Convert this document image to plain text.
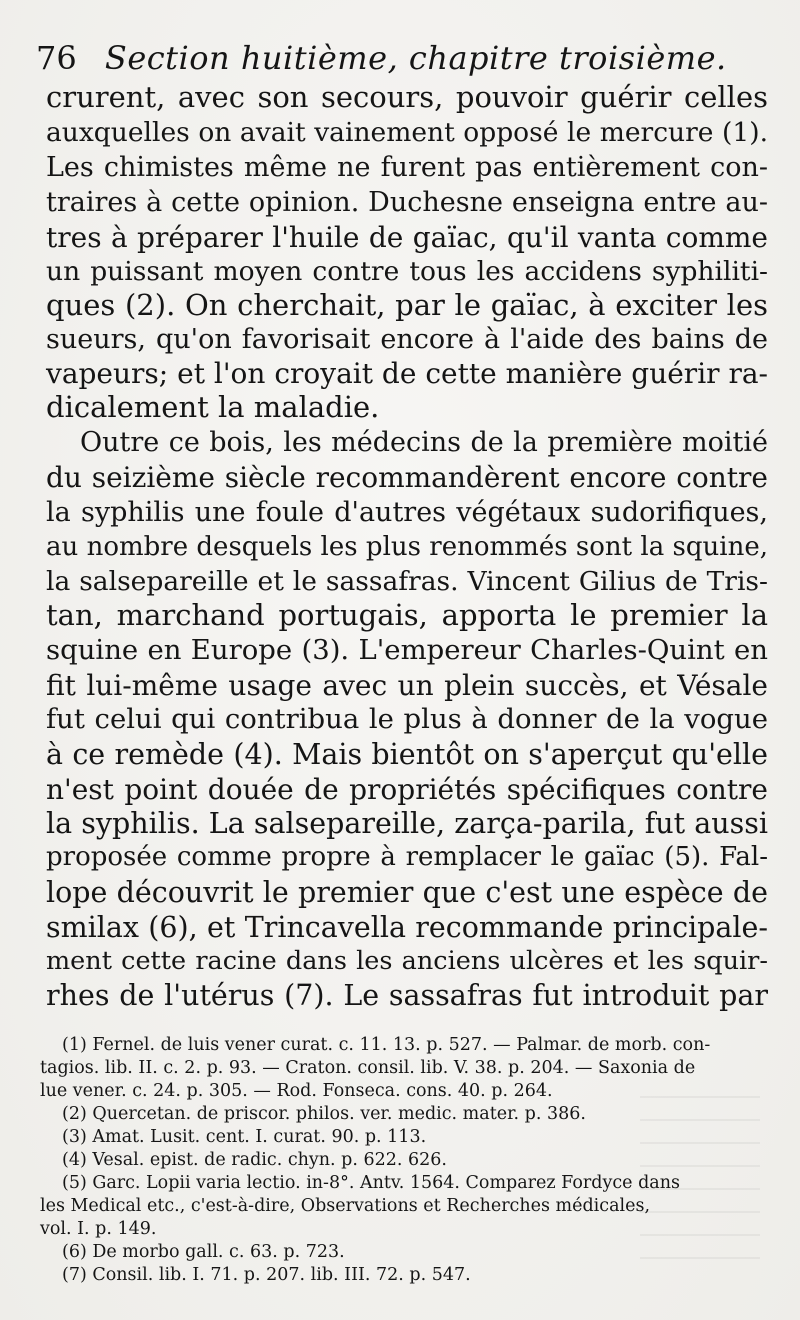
76 Section huitième, chapitre troisième.
crurent, avec son secours, pouvoir guérir celles
auxquelles on avait vainement opposé le mercure (1).
Les chimistes même ne furent pas entièrement con-
traires à cette opinion. Duchesne enseigna entre au-
tres à préparer l'huile de gaïac, qu'il vanta comme
un puissant moyen contre tous les accidens syphiliti-
ques (2). On cherchait, par le gaïac, à exciter les
sueurs, qu'on favorisait encore à l'aide des bains de
vapeurs; et l'on croyait de cette manière guérir ra-
dicalement la maladie.
Outre ce bois, les médecins de la première moitié
du seizième siècle recommandèrent encore contre
la syphilis une foule d'autres végétaux sudorifiques,
au nombre desquels les plus renommés sont la squine,
la salsepareille et le sassafras. Vincent Gilius de Tris-
tan, marchand portugais, apporta le premier la
squine en Europe (3). L'empereur Charles-Quint en
fit lui-même usage avec un plein succès, et Vésale
fut celui qui contribua le plus à donner de la vogue
à ce remède (4). Mais bientôt on s'aperçut qu'elle
n'est point douée de propriétés spécifiques contre
la syphilis. La salsepareille, zarça-parila, fut aussi
proposée comme propre à remplacer le gaïac (5). Fal-
lope découvrit le premier que c'est une espèce de
smilax (6), et Trincavella recommande principale-
ment cette racine dans les anciens ulcères et les squir-
rhes de l'utérus (7). Le sassafras fut introduit par
(1) Fernel. de luis vener curat. c. 11. 13. p. 527. — Palmar. de morb. con-
tagios. lib. II. c. 2. p. 93. — Craton. consil. lib. V. 38. p. 204. — Saxonia de
lue vener. c. 24. p. 305. — Rod. Fonseca. cons. 40. p. 264.
(2) Quercetan. de priscor. philos. ver. medic. mater. p. 386.
(3) Amat. Lusit. cent. I. curat. 90. p. 113.
(4) Vesal. epist. de radic. chyn. p. 622. 626.
(5) Garc. Lopii varia lectio. in-8°. Antv. 1564. Comparez Fordyce dans
les Medical etc., c'est-à-dire, Observations et Recherches médicales,
vol. I. p. 149.
(6) De morbo gall. c. 63. p. 723.
(7) Consil. lib. I. 71. p. 207. lib. III. 72. p. 547.
